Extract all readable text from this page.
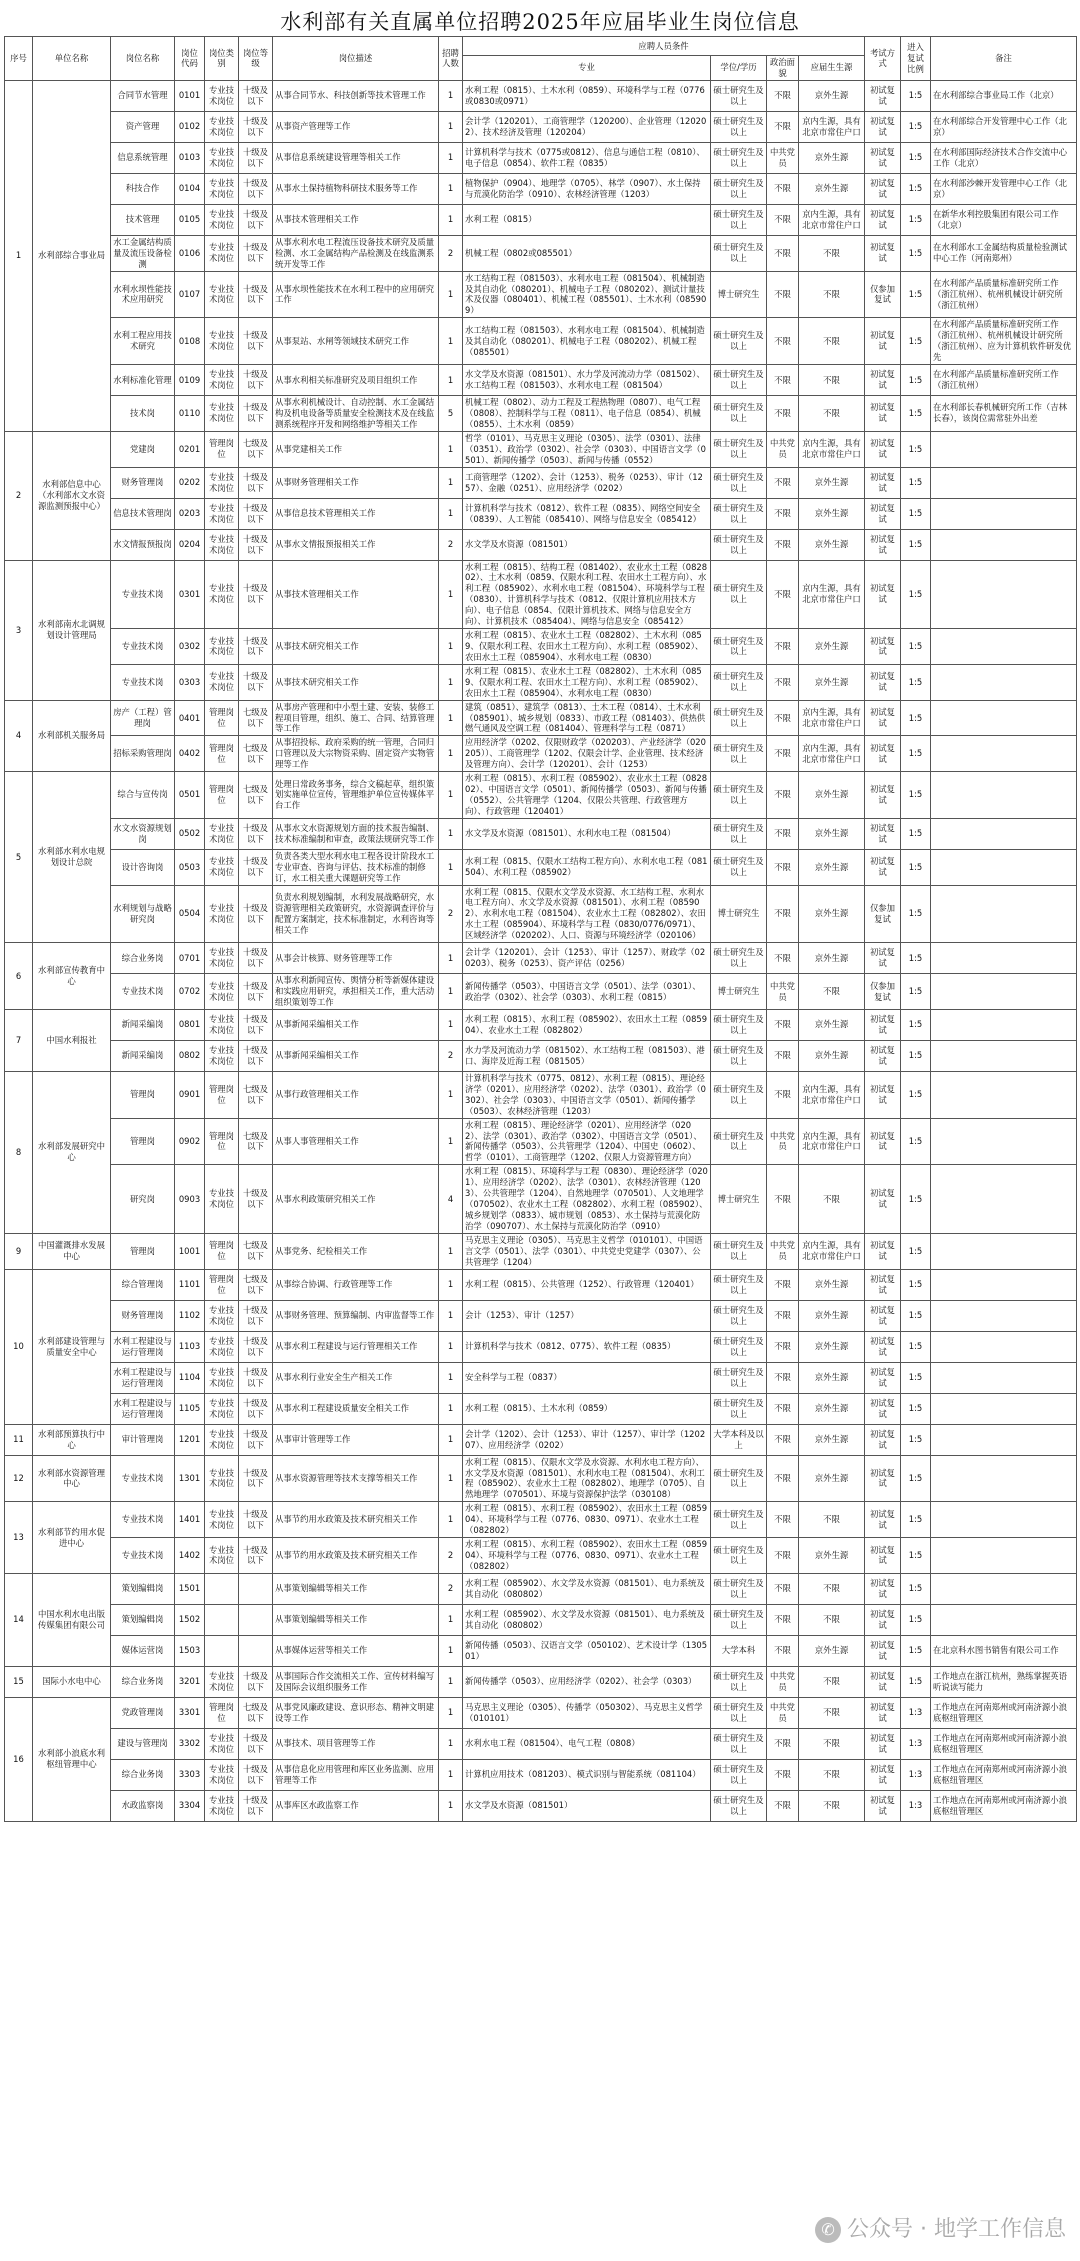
水利部有关直属单位招聘2025年应届毕业生岗位信息
序号	单位名称	岗位名称	岗位代码	岗位类别	岗位等级	岗位描述	招聘人数	应聘人员条件				考试方式	进入复试比例	备注
								专业	学位/学历	政治面貌	应届生生源			
1	水利部综合事业局	合同节水管理	0101	专业技术岗位	十级及以下	从事合同节水、科技创新等技术管理工作	1	水利工程（0815）、土木水利（0859）、环境科学与工程（0776或0830或0971）	硕士研究生及以上	不限	京外生源	初试复试	1:5	在水利部综合事业局工作（北京）
		资产管理	0102	专业技术岗位	十级及以下	从事资产管理等工作	1	会计学（120201）、工商管理学（120200）、企业管理（120202）、技术经济及管理（120204）	硕士研究生及以上	不限	京内生源，具有北京市常住户口	初试复试	1:5	在水利部综合开发管理中心工作（北京）
		信息系统管理	0103	专业技术岗位	十级及以下	从事信息系统建设管理等相关工作	1	计算机科学与技术（0775或0812）、信息与通信工程（0810）、电子信息（0854）、软件工程（0835）	硕士研究生及以上	中共党员	京外生源	初试复试	1:5	在水利部国际经济技术合作交流中心工作（北京）
		科技合作	0104	专业技术岗位	十级及以下	从事水土保持植物科研技术服务等工作	1	植物保护（0904）、地理学（0705）、林学（0907）、水土保持与荒漠化防治学（0910）、农林经济管理（1203）	硕士研究生及以上	不限	京外生源	初试复试	1:5	在水利部沙棘开发管理中心工作（北京）
		技术管理	0105	专业技术岗位	十级及以下	从事技术管理相关工作	1	水利工程（0815）	硕士研究生及以上	不限	京内生源，具有北京市常住户口	初试复试	1:5	在新华水利控股集团有限公司工作（北京）
		水工金属结构质量及流压设备检测	0106	专业技术岗位	十级及以下	从事水利水电工程流压设备技术研究及质量检测、水工金属结构产品检测及在线监测系统开发等工作	2	机械工程（0802或085501）	硕士研究生及以上	不限	不限	初试复试	1:5	在水利部水工金属结构质量检验测试中心工作（河南郑州）
		水利水坝性能技术应用研究	0107	专业技术岗位	十级及以下	从事水坝性能技术在水利工程中的应用研究工作	1	水工结构工程（081503）、水利水电工程（081504）、机械制造及其自动化（080201）、机械电子工程（080202）、测试计量技术及仪器（080401）、机械工程（085501）、土木水利（085909）	博士研究生	不限	不限	仅参加复试	1:5	在水利部产品质量标准研究所工作（浙江杭州）、杭州机械设计研究所（浙江杭州）
		水利工程应用技术研究	0108	专业技术岗位	十级及以下	从事泵站、水闸等领域技术研究工作	1	水工结构工程（081503）、水利水电工程（081504）、机械制造及其自动化（080201）、机械电子工程（080202）、机械工程（085501）	硕士研究生及以上	不限	不限	初试复试	1:5	在水利部产品质量标准研究所工作（浙江杭州）、杭州机械设计研究所（浙江杭州）、应为计算机软件研发优先
		水利标准化管理	0109	专业技术岗位	十级及以下	从事水利相关标准研究及项目组织工作	1	水文学及水资源（081501）、水力学及河流动力学（081502）、水工结构工程（081503）、水利水电工程（081504）	硕士研究生及以上	不限	不限	初试复试	1:5	在水利部产品质量标准研究所工作（浙江杭州）
		技术岗	0110	专业技术岗位	十级及以下	从事水利机械设计、自动控制、水工金属结构及机电设备等质量安全检测技术及在线监测系统程序开发和网络维护等相关工作	5	机械工程（0802）、动力工程及工程热物理（0807）、电气工程（0808）、控制科学与工程（0811）、电子信息（0854）、机械（0855）、土木水利（0859）	硕士研究生及以上	不限	不限	初试复试	1:5	在水利部长春机械研究所工作（吉林长春），该岗位需常驻外出差
2	水利部信息中心（水利部水文水资源监测预报中心）	党建岗	0201	管理岗位	七级及以下	从事党建相关工作	1	哲学（0101）、马克思主义理论（0305）、法学（0301）、法律（0351）、政治学（0302）、社会学（0303）、中国语言文学（0501）、新闻传播学（0503）、新闻与传播（0552）	硕士研究生及以上	中共党员	京内生源，具有北京市常住户口	初试复试	1:5	
		财务管理岗	0202	专业技术岗位	十级及以下	从事财务管理相关工作	1	工商管理学（1202）、会计（1253）、税务（0253）、审计（1257）、金融（0251）、应用经济学（0202）	硕士研究生及以上	不限	京外生源	初试复试	1:5	
		信息技术管理岗	0203	专业技术岗位	十级及以下	从事信息技术管理相关工作	1	计算机科学与技术（0812）、软件工程（0835）、网络空间安全（0839）、人工智能（085410）、网络与信息安全（085412）	硕士研究生及以上	不限	京外生源	初试复试	1:5	
		水文情报预报岗	0204	专业技术岗位	十级及以下	从事水文情报预报相关工作	2	水文学及水资源（081501）	硕士研究生及以上	不限	京外生源	初试复试	1:5	
3	水利部南水北调规划设计管理局	专业技术岗	0301	专业技术岗位	十级及以下	从事技术管理相关工作	1	水利工程（0815）、结构工程（081402）、农业水土工程（082802）、土木水利（0859、仅限水利工程、农田水土工程方向）、水利工程（085902）、水利水电工程（081504）、环境科学与工程（0830）、计算机科学与技术（0812、仅限计算机应用技术方向）、电子信息（0854、仅限计算机技术、网络与信息安全方向）、计算机技术（085404）、网络与信息安全（085412）	硕士研究生及以上	不限	京内生源，具有北京市常住户口	初试复试	1:5	
		专业技术岗	0302	专业技术岗位	十级及以下	从事技术研究相关工作	1	水利工程（0815）、农业水土工程（082802）、土木水利（0859、仅限水利工程、农田水土工程方向）、水利工程（085902）、农田水土工程（085904）、水利水电工程（0830）	硕士研究生及以上	不限	京外生源	初试复试	1:5	
		专业技术岗	0303	专业技术岗位	十级及以下	从事技术研究相关工作	1	水利工程（0815）、农业水土工程（082802）、土木水利（0859、仅限水利工程、农田水土工程方向）、水利工程（085902）、农田水土工程（085904）、水利水电工程（0830）	硕士研究生及以上	不限	京外生源	初试复试	1:5	
4	水利部机关服务局	房产（工程）管理岗	0401	管理岗位	七级及以下	从事房产管理和中小型土建、安装、装修工程项目管理，组织、施工、合同、结算管理等工作	1	建筑（0851）、建筑学（0813）、土木工程（0814）、土木水利（085901）、城乡规划（0833）、市政工程（081403）、供热供燃气通风及空调工程（081404）、管理科学与工程（0871）	硕士研究生及以上	不限	京内生源，具有北京市常住户口	初试复试	1:5	
		招标采购管理岗	0402	管理岗位	七级及以下	从事招投标、政府采购的统一管理，合同归口管理以及大宗物资采购、固定资产实物管理等工作	1	应用经济学（0202、仅限财政学（020203）、产业经济学（020205））、工商管理学（1202、仅限会计学、企业管理、技术经济及管理方向）、会计学（120201）、会计（1253）	硕士研究生及以上	不限	京内生源，具有北京市常住户口	初试复试	1:5	
5	水利部水利水电规划设计总院	综合与宣传岗	0501	管理岗位	七级及以下	处理日常政务事务，综合文稿起草，组织策划实施单位宣传，管理维护单位宣传媒体平台工作	1	水利工程（0815）、水利工程（085902）、农业水土工程（082802）、中国语言文学（0501）、新闻传播学（0503）、新闻与传播（0552）、公共管理学（1204、仅限公共管理、行政管理方向）、行政管理（120401）	硕士研究生及以上	不限	京外生源	初试复试	1:5	
		水文水资源规划岗	0502	专业技术岗位	十级及以下	从事水文水资源规划方面的技术报告编制、技术标准编制和审查，政策法规研究等工作	1	水文学及水资源（081501）、水利水电工程（081504）	硕士研究生及以上	不限	京外生源	初试复试	1:5	
		设计咨询岗	0503	专业技术岗位	十级及以下	负责各类大型水利水电工程各设计阶段水工专业审查、咨询与评估、技术标准的制修订，水工相关重大课题研究等工作	1	水利工程（0815、仅限水工结构工程方向）、水利水电工程（081504）、水利工程（085902）	硕士研究生及以上	不限	京外生源	初试复试	1:5	
		水利规划与战略研究岗	0504	专业技术岗位	十级及以下	负责水利规划编制，水利发展战略研究，水资源管理相关政策研究，水资源调查评价与配置方案制定，技术标准制定，水利咨询等相关工作	2	水利工程（0815、仅限水文学及水资源、水工结构工程、水利水电工程方向）、水文学及水资源（081501）、水利工程（085902）、水利水电工程（081504）、农业水土工程（082802）、农田水土工程（085904）、环境科学与工程（0830/0776/0971）、区域经济学（020202）、人口、资源与环境经济学（020106）	博士研究生	不限	京外生源	仅参加复试	1:5	
6	水利部宣传教育中心	综合业务岗	0701	专业技术岗位	十级及以下	从事会计核算、财务管理等工作	1	会计学（120201）、会计（1253）、审计（1257）、财政学（020203）、税务（0253）、资产评估（0256）	硕士研究生及以上	不限	京外生源	初试复试	1:5	
		专业技术岗	0702	专业技术岗位	十级及以下	从事水利新闻宣传、舆情分析等新媒体建设和实践应用研究，承担相关工作，重大活动组织策划等工作	1	新闻传播学（0503）、中国语言文学（0501）、法学（0301）、政治学（0302）、社会学（0303）、水利工程（0815）	博士研究生	中共党员	不限	仅参加复试	1:5	
7	中国水利报社	新闻采编岗	0801	专业技术岗位	十级及以下	从事新闻采编相关工作	1	水利工程（0815）、水利工程（085902）、农田水土工程（085904）、农业水土工程（082802）	硕士研究生及以上	不限	京外生源	初试复试	1:5	
		新闻采编岗	0802	专业技术岗位	十级及以下	从事新闻采编相关工作	2	水力学及河流动力学（081502）、水工结构工程（081503）、港口、海岸及近海工程（081505）	硕士研究生及以上	不限	京外生源	初试复试	1:5	
8	水利部发展研究中心	管理岗	0901	管理岗位	七级及以下	从事行政管理相关工作	1	计算机科学与技术（0775、0812）、水利工程（0815）、理论经济学（0201）、应用经济学（0202）、法学（0301）、政治学（0302）、社会学（0303）、中国语言文学（0501）、新闻传播学（0503）、农林经济管理（1203）	硕士研究生及以上	不限	京内生源，具有北京市常住户口	初试复试	1:5	
		管理岗	0902	管理岗位	七级及以下	从事人事管理相关工作	1	水利工程（0815）、理论经济学（0201）、应用经济学（0202）、法学（0301）、政治学（0302）、中国语言文学（0501）、新闻传播学（0503）、公共管理学（1204）、中国史（0602）、哲学（0101）、工商管理学（1202、仅限人力资源管理方向）	硕士研究生及以上	中共党员	京内生源，具有北京市常住户口	初试复试	1:5	
		研究岗	0903	专业技术岗位	十级及以下	从事水利政策研究相关工作	4	水利工程（0815）、环境科学与工程（0830）、理论经济学（0201）、应用经济学（0202）、法学（0301）、农林经济管理（1203）、公共管理学（1204）、自然地理学（070501）、人文地理学（070502）、农业水土工程（082802）、水利工程（085902）、城乡规划学（0833）、城市规划（0853）、水土保持与荒漠化防治学（090707）、水土保持与荒漠化防治学（0910）	博士研究生	不限	不限	初试复试	1:5	
9	中国灌溉排水发展中心	管理岗	1001	管理岗位	七级及以下	从事党务、纪检相关工作	1	马克思主义理论（0305）、马克思主义哲学（010101）、中国语言文学（0501）、法学（0301）、中共党史党建学（0307）、公共管理学（1204）	硕士研究生及以上	中共党员	京内生源，具有北京市常住户口	初试复试	1:5	
10	水利部建设管理与质量安全中心	综合管理岗	1101	管理岗位	七级及以下	从事综合协调、行政管理等工作	1	水利工程（0815）、公共管理（1252）、行政管理（120401）	硕士研究生及以上	不限	京外生源	初试复试	1:5	
		财务管理岗	1102	专业技术岗位	十级及以下	从事财务管理、预算编制、内审监督等工作	1	会计（1253）、审计（1257）	硕士研究生及以上	不限	京外生源	初试复试	1:5	
		水利工程建设与运行管理岗	1103	专业技术岗位	十级及以下	从事水利工程建设与运行管理相关工作	1	计算机科学与技术（0812、0775）、软件工程（0835）	硕士研究生及以上	不限	京外生源	初试复试	1:5	
		水利工程建设与运行管理岗	1104	专业技术岗位	十级及以下	从事水利行业安全生产相关工作	1	安全科学与工程（0837）	硕士研究生及以上	不限	京外生源	初试复试	1:5	
		水利工程建设与运行管理岗	1105	专业技术岗位	十级及以下	从事水利工程建设质量安全相关工作	1	水利工程（0815）、土木水利（0859）	硕士研究生及以上	不限	京外生源	初试复试	1:5	
11	水利部预算执行中心	审计管理岗	1201	专业技术岗位	十级及以下	从事审计管理等工作	1	会计学（1202）、会计（1253）、审计（1257）、审计学（120207）、应用经济学（0202）	大学本科及以上	不限	京外生源	初试复试	1:5	
12	水利部水资源管理中心	专业技术岗	1301	专业技术岗位	十级及以下	从事水资源管理等技术支撑等相关工作	1	水利工程（0815）、仅限水文学及水资源、水利水电工程方向）、水文学及水资源（081501）、水利水电工程（081504）、水利工程（085902）、农业水土工程（082802）、地理学（0705）、自然地理学（070501）、环境与资源保护法学（030108）	硕士研究生及以上	不限	京外生源	初试复试	1:5	
13	水利部节约用水促进中心	专业技术岗	1401	专业技术岗位	十级及以下	从事节约用水政策及技术研究相关工作	1	水利工程（0815）、水利工程（085902）、农田水土工程（085904）、环境科学与工程（0776、0830、0971）、农业水土工程（082802）	硕士研究生及以上	不限	不限	初试复试	1:5	
		专业技术岗	1402	专业技术岗位	十级及以下	从事节约用水政策及技术研究相关工作	2	水利工程（0815）、水利工程（085902）、农田水土工程（085904）、环境科学与工程（0776、0830、0971）、农业水土工程（082802）	硕士研究生及以上	不限	京外生源	初试复试	1:5	
14	中国水利水电出版传媒集团有限公司	策划编辑岗	1501			从事策划编辑等相关工作	2	水利工程（085902）、水文学及水资源（081501）、电力系统及其自动化（080802）	硕士研究生及以上	不限	不限	初试复试	1:5	
		策划编辑岗	1502			从事策划编辑等相关工作	1	水利工程（085902）、水文学及水资源（081501）、电力系统及其自动化（080802）	硕士研究生及以上	不限	不限	初试复试	1:5	
		媒体运营岗	1503			从事媒体运营等相关工作	1	新闻传播（0503）、汉语言文学（050102）、艺术设计学（130501）	大学本科	不限	京外生源	初试复试	1:5	在北京科水图书销售有限公司工作
15	国际小水电中心	综合业务岗	3201	专业技术岗位	十级及以下	从事国际合作交流相关工作、宣传材料编写及国际会议组织服务工作	1	新闻传播学（0503）、应用经济学（0202）、社会学（0303）	硕士研究生及以上	中共党员	不限	初试复试	1:5	工作地点在浙江杭州，熟练掌握英语听说读写能力
16	水利部小浪底水利枢纽管理中心	党政管理岗	3301	管理岗位	七级及以下	从事党风廉政建设、意识形态、精神文明建设等工作	1	马克思主义理论（0305）、传播学（050302）、马克思主义哲学（010101）	硕士研究生及以上	中共党员	不限	初试复试	1:3	工作地点在河南郑州或河南济源小浪底枢纽管理区
		建设与管理岗	3302	专业技术岗位	十级及以下	从事技术、项目管理等工作	1	水利水电工程（081504）、电气工程（0808）	硕士研究生及以上	不限	不限	初试复试	1:3	工作地点在河南郑州或河南济源小浪底枢纽管理区
		综合业务岗	3303	专业技术岗位	十级及以下	从事信息化应用管理和库区业务监测、应用管理等工作	1	计算机应用技术（081203）、模式识别与智能系统（081104）	硕士研究生及以上	不限	不限	初试复试	1:3	工作地点在河南郑州或河南济源小浪底枢纽管理区
		水政监察岗	3304	专业技术岗位	十级及以下	从事库区水政监察工作	1	水文学及水资源（081501）	硕士研究生及以上	不限	不限	初试复试	1:3	工作地点在河南郑州或河南济源小浪底枢纽管理区
✆ 公众号 · 地学工作信息
